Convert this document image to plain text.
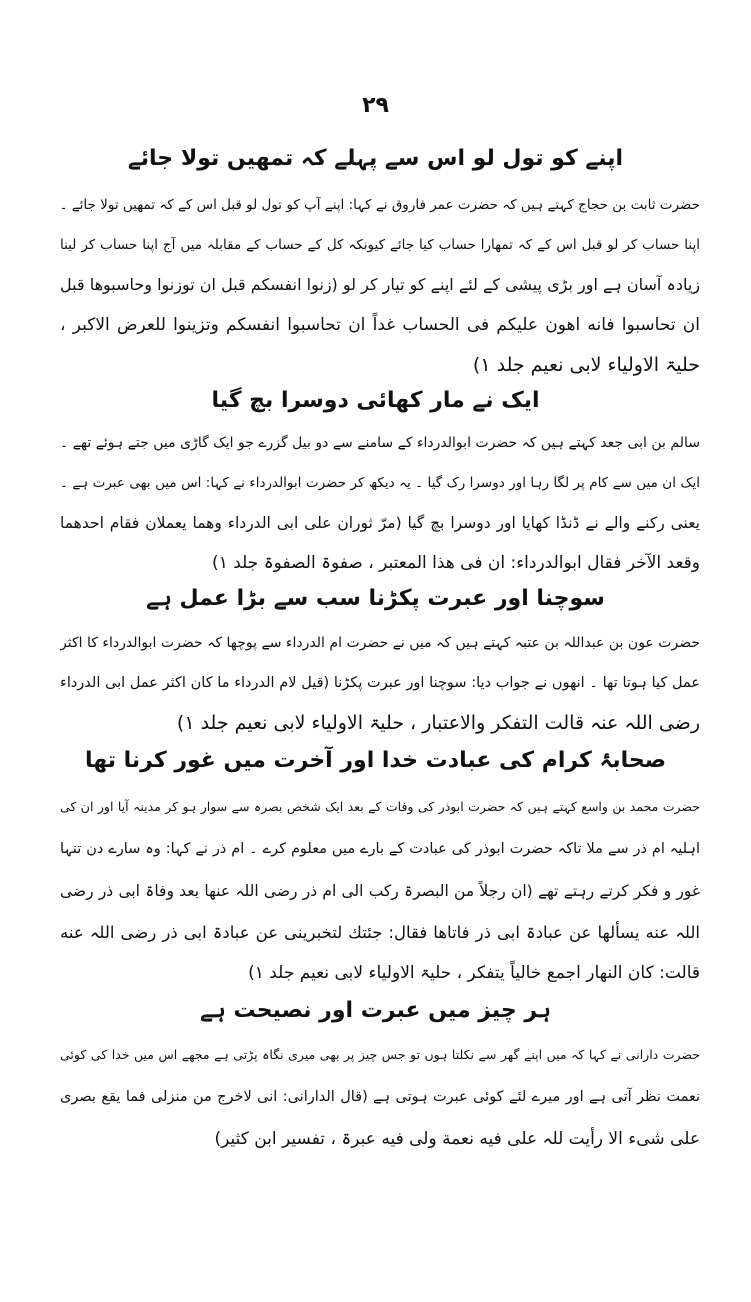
۲۹
اپنے کو تول لو اس سے پہلے کہ تمھیں تولا جائے
حضرت ثابت بن حجاج کہتے ہیں کہ حضرت عمر فاروق نے کہا: اپنے آپ کو تول لو قبل اس کے کہ تمھیں تولا جائے ۔
اپنا حساب کر لو قبل اس کے کہ تمھارا حساب کیا جائے کیونکہ کل کے حساب کے مقابلہ میں آج اپنا حساب کر لینا
زیادہ آسان ہے اور بڑی پیشی کے لئے اپنے کو تیار کر لو (زنوا انفسکم قبل ان توزنوا وحاسبوھا قبل
ان تحاسبوا فانه اھون علیکم فی الحساب غداً ان تحاسبوا انفسکم وتزینوا للعرض الاکبر ،
حلیۃ الاولیاء لابی نعیم جلد ۱)
ایک نے مار کھائی دوسرا بچ گیا
سالم بن ابی جعد کہتے ہیں کہ حضرت ابوالدرداء کے سامنے سے دو بیل گزرے جو ایک گاڑی میں جتے ہوئے تھے ۔
ایک ان میں سے کام پر لگا رہا اور دوسرا رک گیا ۔ یہ دیکھ کر حضرت ابوالدرداء نے کہا: اس میں بھی عبرت ہے ۔
یعنی رکنے والے نے ڈنڈا کھایا اور دوسرا بچ گیا (مرّ ثوران علی ابی الدرداء وھما یعملان فقام احدھما
وقعد الآخر فقال ابوالدرداء: ان فی ھذا المعتبر ، صفوۃ الصفوۃ جلد ۱)
سوچنا اور عبرت پکڑنا سب سے بڑا عمل ہے
حضرت عون بن عبداللہ بن عتبہ کہتے ہیں کہ میں نے حضرت ام الدرداء سے پوچھا کہ حضرت ابوالدرداء کا اکثر
عمل کیا ہوتا تھا ۔ انھوں نے جواب دیا: سوچنا اور عبرت پکڑنا (قیل لام الدرداء ما کان اکثر عمل ابی الدرداء
رضی اللہ عنہ قالت التفکر والاعتبار ، حلیۃ الاولیاء لابی نعیم جلد ۱)
صحابۂ کرام کی عبادت خدا اور آخرت میں غور کرنا تھا
حضرت محمد بن واسع کہتے ہیں کہ حضرت ابوذر کی وفات کے بعد ایک شخص بصرہ سے سوار ہو کر مدینہ آیا اور ان کی
اہلیہ ام ذر سے ملا تاکہ حضرت ابوذر کی عبادت کے بارے میں معلوم کرے ۔ ام ذر نے کہا: وہ سارے دن تنہا
غور و فکر کرتے رہتے تھے (ان رجلاً من البصرۃ رکب الی ام ذر رضی اللہ عنھا بعد وفاۃ ابی ذر رضی
اللہ عنه یسألھا عن عبادۃ ابی ذر فاتاھا فقال: جئتك لتخبرینی عن عبادۃ ابی ذر رضی اللہ عنه
قالت: کان النھار اجمع خالیاً یتفکر ، حلیۃ الاولیاء لابی نعیم جلد ۱)
ہر چیز میں عبرت اور نصیحت ہے
حضرت دارانی نے کہا کہ میں اپنے گھر سے نکلتا ہوں تو جس چیز پر بھی میری نگاہ پڑتی ہے مجھے اس میں خدا کی کوئی
نعمت نظر آتی ہے اور میرے لئے کوئی عبرت ہوتی ہے (قال الدارانی: انی لاخرج من منزلی فما یقع بصری
علی شیء الا رأیت للہ علی فیه نعمة ولی فیه عبرۃ ، تفسیر ابن کثیر)
